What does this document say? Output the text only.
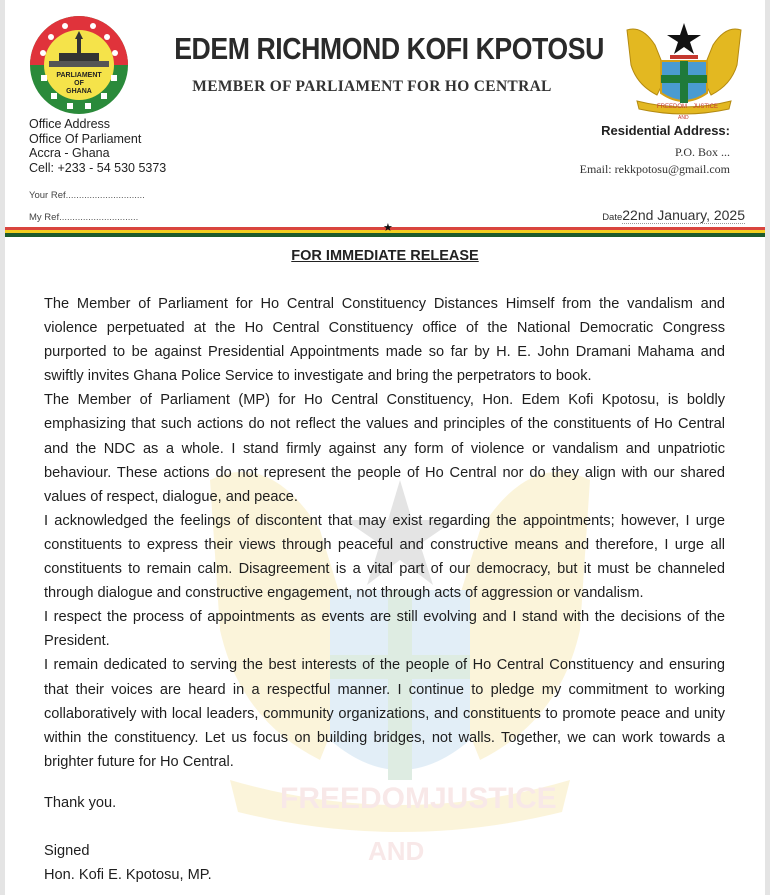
PARLIAMENT
OF
GHANA
EDEM RICHMOND KOFI KPOTOSU
MEMBER OF PARLIAMENT FOR HO CENTRAL
FREEDOM JUSTICE
AND
Office Address
Office Of Parliament
Accra - Ghana
Cell: +233 - 54 530 5373
Your Ref..............................
My Ref..............................
Residential Address:
P.O. Box ...
Email: rekkpotosu@gmail.com
Date22nd January, 2025
★
FOR IMMEDIATE RELEASE
FREEDOM JUSTICE
AND

The Member of Parliament for Ho Central Constituency Distances Himself from the vandalism and violence perpetuated at the Ho Central Constituency office of the National Democratic Congress purported to be against Presidential Appointments made so far by H. E. John Dramani Mahama and swiftly invites Ghana Police Service to investigate and bring the perpetrators to book.

The Member of Parliament (MP) for Ho Central Constituency, Hon. Edem Kofi Kpotosu, is boldly emphasizing that such actions do not reflect the values and principles of the constituents of Ho Central and the NDC as a whole. I stand firmly against any form of violence or vandalism and unpatriotic behaviour. These actions do not represent the people of Ho Central nor do they align with our shared values of respect, dialogue, and peace.

I acknowledged the feelings of discontent that may exist regarding the appointments; however, I urge constituents to express their views through peaceful and constructive means and therefore, I urge all constituents to remain calm. Disagreement is a vital part of our democracy, but it must be channeled through dialogue and constructive engagement, not through acts of aggression or vandalism.

I respect the process of appointments as events are still evolving and I stand with the decisions of the President.

I remain dedicated to serving the best interests of the people of Ho Central Constituency and ensuring that their voices are heard in a respectful manner. I continue to pledge my commitment to working collaboratively with local leaders, community organizations, and constituents to promote peace and unity within the constituency. Let us focus on building bridges, not walls. Together, we can work towards a brighter future for Ho Central.

Thank you.
Signed
Hon. Kofi E. Kpotosu, MP.
